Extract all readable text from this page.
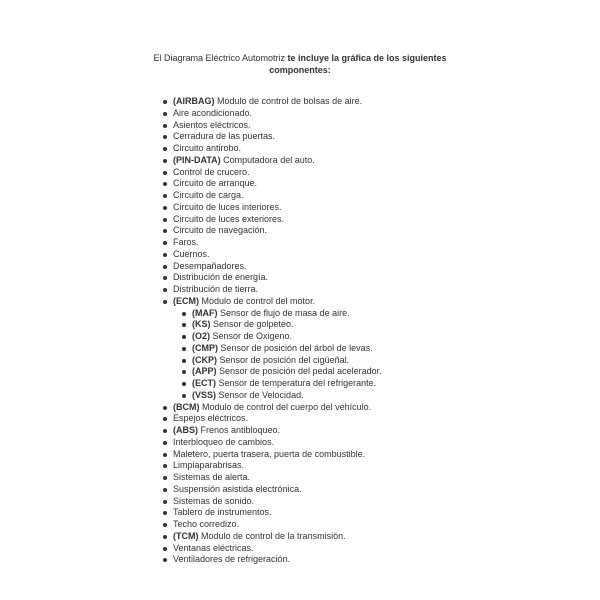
El Diagrama Eléctrico Automotriz te incluye la gráfica de los siguientes componentes:
(AIRBAG) Modulo de control de bolsas de aire.
Aire acondicionado.
Asientos eléctricos.
Cerradura de las puertas.
Circuito antirobo.
(PIN-DATA) Computadora del auto.
Control de crucero.
Circuito de arranque.
Circuito de carga.
Circuito de luces interiores.
Circuito de luces exteriores.
Circuito de navegación.
Faros.
Cuernos.
Desempañadores.
Distribución de energía.
Distribución de tierra.
(ECM) Modulo de control del motor.
(MAF) Sensor de flujo de masa de aire.
(KS) Sensor de golpeteo.
(O2) Sensor de Oxigeno.
(CMP) Sensor de posición del árbol de levas.
(CKP) Sensor de posición del cigüeñal.
(APP) Sensor de posición del pedal acelerador.
(ECT) Sensor de temperatura del refrigerante.
(VSS) Sensor de Velocidad.
(BCM) Modulo de control del cuerpo del vehículo.
Espejos eléctricos.
(ABS) Frenos antibloqueo.
Interbloqueo de cambios.
Maletero, puerta trasera, puerta de combustible.
Limpiaparabrisas.
Sistemas de alerta.
Suspensión asistida electrónica.
Sistemas de sonido.
Tablero de instrumentos.
Techo corredizo.
(TCM) Modulo de control de la transmisión.
Ventanas eléctricas.
Ventiladores de refrigeración.
